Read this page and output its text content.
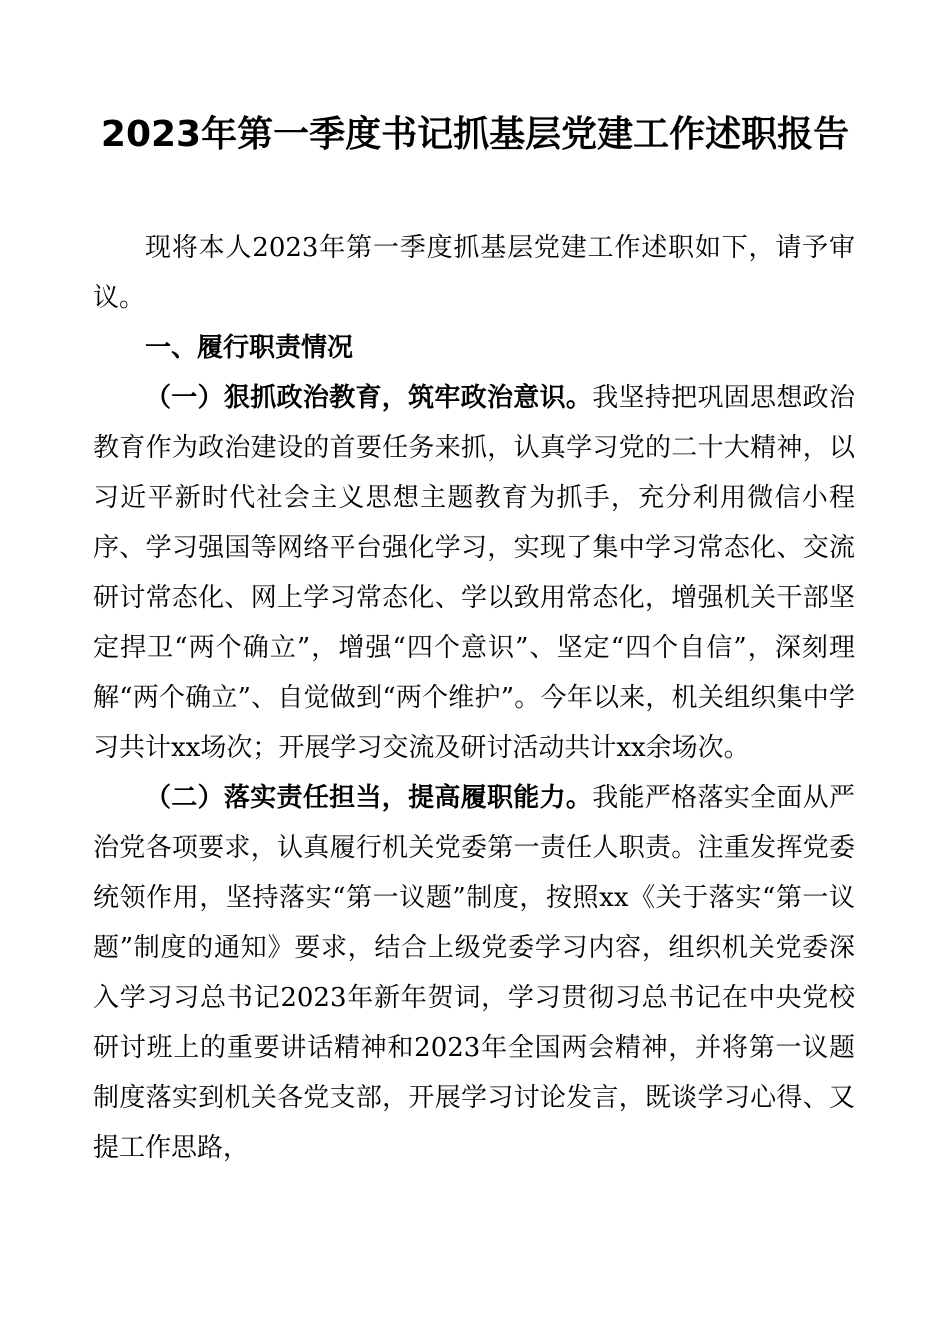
2023年第一季度书记抓基层党建工作述职报告

现将本人2023年第一季度抓基层党建工作述职如下，请予审议。

一、履行职责情况

（一）狠抓政治教育，筑牢政治意识。我坚持把巩固思想政治教育作为政治建设的首要任务来抓，认真学习党的二十大精神，以习近平新时代社会主义思想主题教育为抓手，充分利用微信小程序、学习强国等网络平台强化学习，实现了集中学习常态化、交流研讨常态化、网上学习常态化、学以致用常态化，增强机关干部坚定捍卫“两个确立”，增强“四个意识”、坚定“四个自信”，深刻理解“两个确立”、自觉做到“两个维护”。今年以来，机关组织集中学习共计xx场次；开展学习交流及研讨活动共计xx余场次。

（二）落实责任担当，提高履职能力。我能严格落实全面从严治党各项要求，认真履行机关党委第一责任人职责。注重发挥党委统领作用，坚持落实“第一议题”制度，按照xx《关于落实“第一议题”制度的通知》要求，结合上级党委学习内容，组织机关党委深入学习习总书记2023年新年贺词，学习贯彻习总书记在中央党校研讨班上的重要讲话精神和2023年全国两会精神，并将第一议题制度落实到机关各党支部，开展学习讨论发言，既谈学习心得、又提工作思路，
